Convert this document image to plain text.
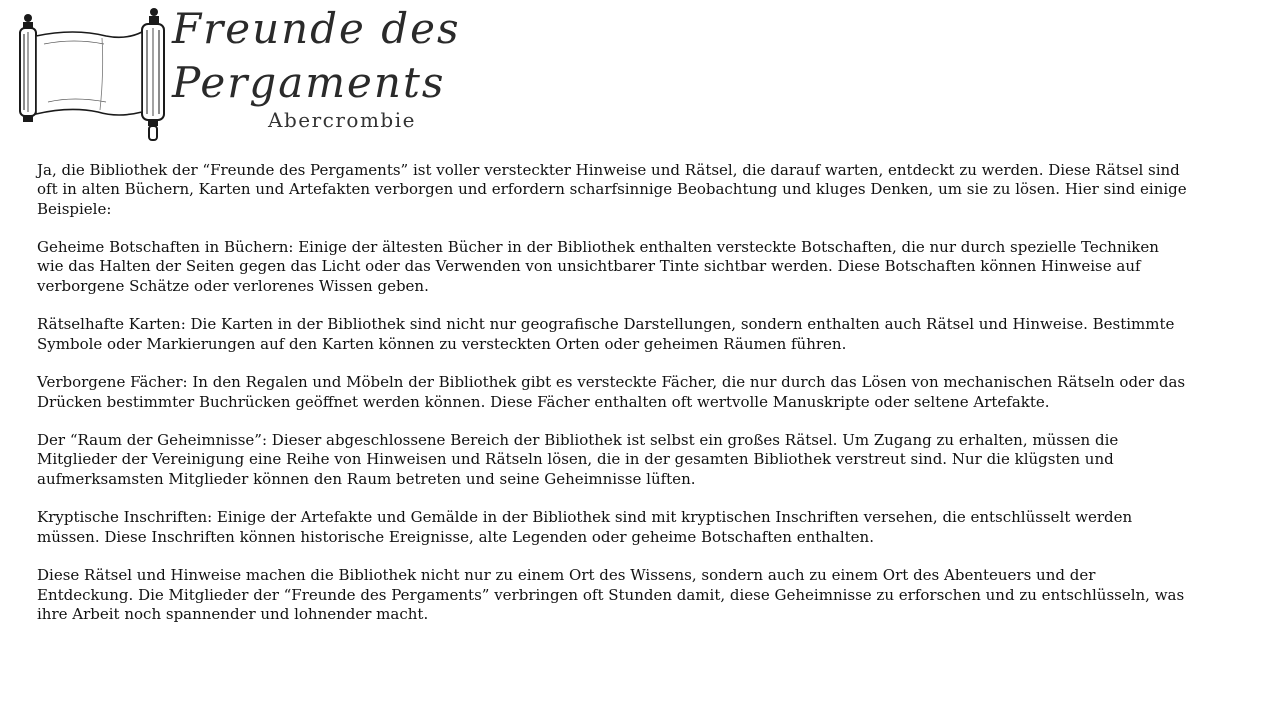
Freunde des
Pergaments
Abercrombie

Ja, die Bibliothek der “Freunde des Pergaments” ist voller versteckter Hinweise und Rätsel, die darauf warten, entdeckt zu werden. Diese Rätsel sind oft in alten Büchern, Karten und Artefakten verborgen und erfordern scharfsinnige Beobachtung und kluges Denken, um sie zu lösen. Hier sind einige Beispiele:

Geheime Botschaften in Büchern: Einige der ältesten Bücher in der Bibliothek enthalten versteckte Botschaften, die nur durch spezielle Techniken wie das Halten der Seiten gegen das Licht oder das Verwenden von unsichtbarer Tinte sichtbar werden. Diese Botschaften können Hinweise auf verborgene Schätze oder verlorenes Wissen geben.

Rätselhafte Karten: Die Karten in der Bibliothek sind nicht nur geografische Darstellungen, sondern enthalten auch Rätsel und Hinweise. Bestimmte Symbole oder Markierungen auf den Karten können zu versteckten Orten oder geheimen Räumen führen.

Verborgene Fächer: In den Regalen und Möbeln der Bibliothek gibt es versteckte Fächer, die nur durch das Lösen von mechanischen Rätseln oder das Drücken bestimmter Buchrücken geöffnet werden können. Diese Fächer enthalten oft wertvolle Manuskripte oder seltene Artefakte.

Der “Raum der Geheimnisse”: Dieser abgeschlossene Bereich der Bibliothek ist selbst ein großes Rätsel. Um Zugang zu erhalten, müssen die Mitglieder der Vereinigung eine Reihe von Hinweisen und Rätseln lösen, die in der gesamten Bibliothek verstreut sind. Nur die klügsten und aufmerksamsten Mitglieder können den Raum betreten und seine Geheimnisse lüften.

Kryptische Inschriften: Einige der Artefakte und Gemälde in der Bibliothek sind mit kryptischen Inschriften versehen, die entschlüsselt werden müssen. Diese Inschriften können historische Ereignisse, alte Legenden oder geheime Botschaften enthalten.

Diese Rätsel und Hinweise machen die Bibliothek nicht nur zu einem Ort des Wissens, sondern auch zu einem Ort des Abenteuers und der Entdeckung. Die Mitglieder der “Freunde des Pergaments” verbringen oft Stunden damit, diese Geheimnisse zu erforschen und zu entschlüsseln, was ihre Arbeit noch spannender und lohnender macht.
